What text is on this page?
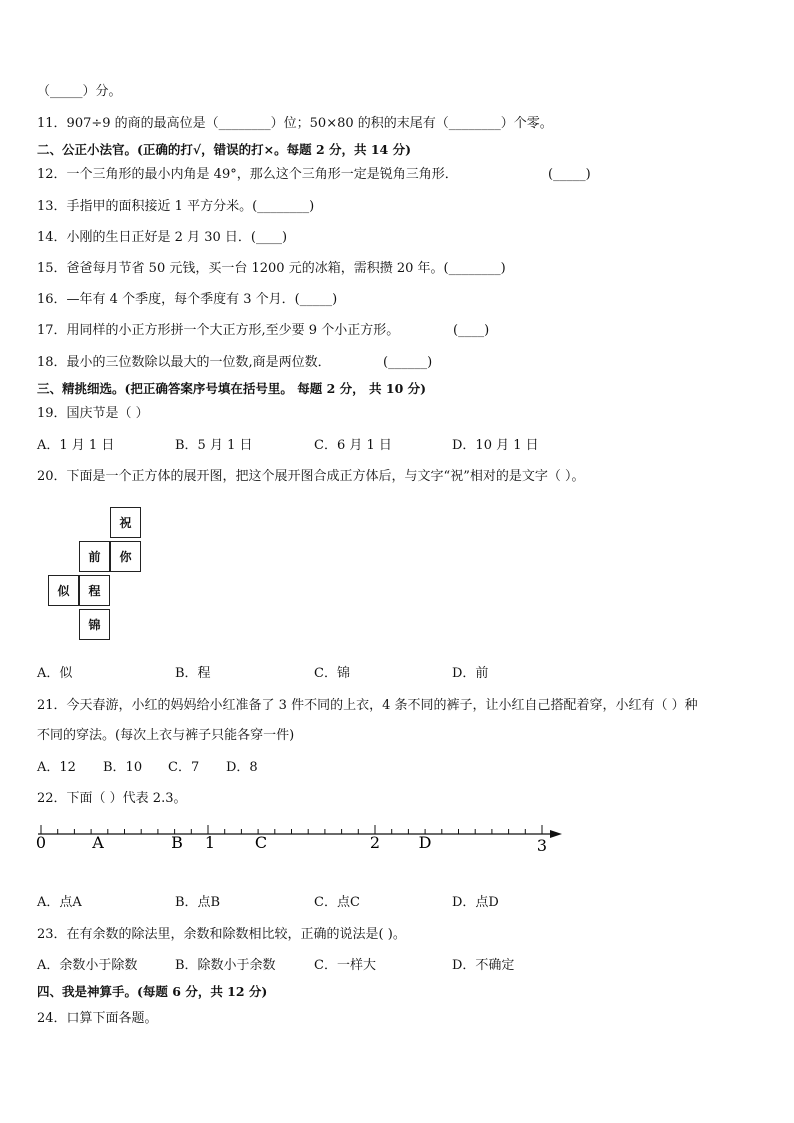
（_____）分。
11．907÷9 的商的最高位是（________）位；50×80 的积的末尾有（________）个零。
二、公正小法官。(正确的打√，错误的打×。每题 2 分，共 14 分)
12．一个三角形的最小内角是 49°，那么这个三角形一定是锐角三角形．	(_____)
13．手指甲的面积接近 1 平方分米。(________)
14．小刚的生日正好是 2 月 30 日．(____)
15．爸爸每月节省 50 元钱，买一台 1200 元的冰箱，需积攒 20 年。(________)
16．—年有 4 个季度，每个季度有 3 个月．(_____)
17．用同样的小正方形拼一个大正方形,至少要 9 个小正方形。	(____)
18．最小的三位数除以最大的一位数,商是两位数．	(______)
三、精挑细选。(把正确答案序号填在括号里。 每题 2 分， 共 10 分)
19．国庆节是（ ）
A．1 月 1 日	B．5 月 1 日	C．6 月 1 日	D．10 月 1 日
20．下面是一个正方体的展开图，把这个展开图合成正方体后，与文字“祝”相对的是文字（ ）。
祝
前	你
似	程
锦
A．似	B．程	C．锦	D．前
21．今天春游，小红的妈妈给小红准备了 3 件不同的上衣，4 条不同的裤子，让小红自己搭配着穿，小红有（ ）种
不同的穿法。(每次上衣与裤子只能各穿一件)
A．12 B．10 C．7 D．8
22．下面（ ）代表 2.3。
0	A	B 1 C	2 D	3
A．点A	B．点B	C．点C	D．点D
23．在有余数的除法里，余数和除数相比较，正确的说法是( )。
A．余数小于除数	B．除数小于余数	C．一样大	D．不确定
四、我是神算手。(每题 6 分，共 12 分)
24．口算下面各题。
